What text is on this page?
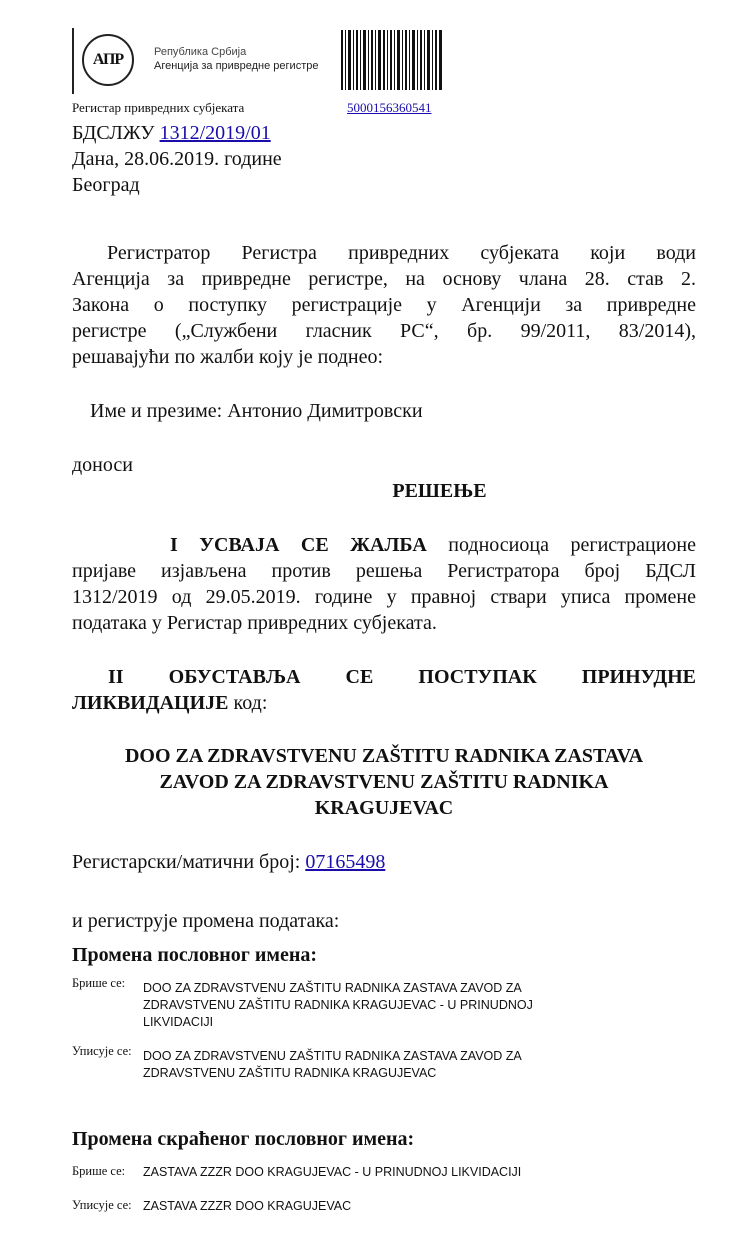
АПР	Република Србија
Агенција за привредне регистре
Регистар привредних субјеката	5000156360541
БДСЛЖУ 1312/2019/01
Дана, 28.06.2019. године
Београд
Регистратор Регистра привредних субјеката који води
Агенција за привредне регистре, на основу члана 28. став 2.
Закона о поступку регистрације у Агенцији за привредне
регистре („Службени гласник РС“, бр. 99/2011, 83/2014),
решавајући по жалби коју је поднео:
Име и презиме: Антонио Димитровски
доноси
РЕШЕЊЕ
I УСВАЈА СЕ ЖАЛБА подносиоца регистрационе
пријаве изјављена против решења Регистратора број БДСЛ
1312/2019 од 29.05.2019. године у правној ствари уписа промене
података у Регистар привредних субјеката.
II ОБУСТАВЉА СЕ ПОСТУПАК ПРИНУДНЕ
ЛИКВИДАЦИЈЕ код:
DOO ZA ZDRAVSTVENU ZAŠTITU RADNIKA ZASTAVA
ZAVOD ZA ZDRAVSTVENU ZAŠTITU RADNIKA
KRAGUJEVAC
Регистарски/матични број: 07165498
и региструје промена података:
Промена пословног имена:
Брише се: DOO ZA ZDRAVSTVENU ZAŠTITU RADNIKA ZASTAVA ZAVOD ZA
ZDRAVSTVENU ZAŠTITU RADNIKA KRAGUJEVAC - U PRINUDNOJ
LIKVIDACIJI
Уписује се: DOO ZA ZDRAVSTVENU ZAŠTITU RADNIKA ZASTAVA ZAVOD ZA
ZDRAVSTVENU ZAŠTITU RADNIKA KRAGUJEVAC
Промена скраћеног пословног имена:
Брише се: ZASTAVA ZZZR DOO KRAGUJEVAC - U PRINUDNOJ LIKVIDACIJI
Уписује се: ZASTAVA ZZZR DOO KRAGUJEVAC
